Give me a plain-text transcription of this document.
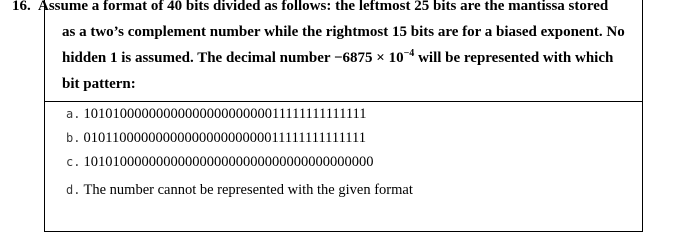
16. Assume a format of 40 bits divided as follows: the leftmost 25 bits are the mantissa stored
as a two’s complement number while the rightmost 15 bits are for a biased exponent. No
hidden 1 is assumed. The decimal number $-6875 \times 10^{-4}$ will be represented with which
bit pattern:
a. 1010100000000000000000000011111111111111
b. 0101100000000000000000000011111111111111
c. 1010100000000000000000000000000000000000
d. The number cannot be represented with the given format
